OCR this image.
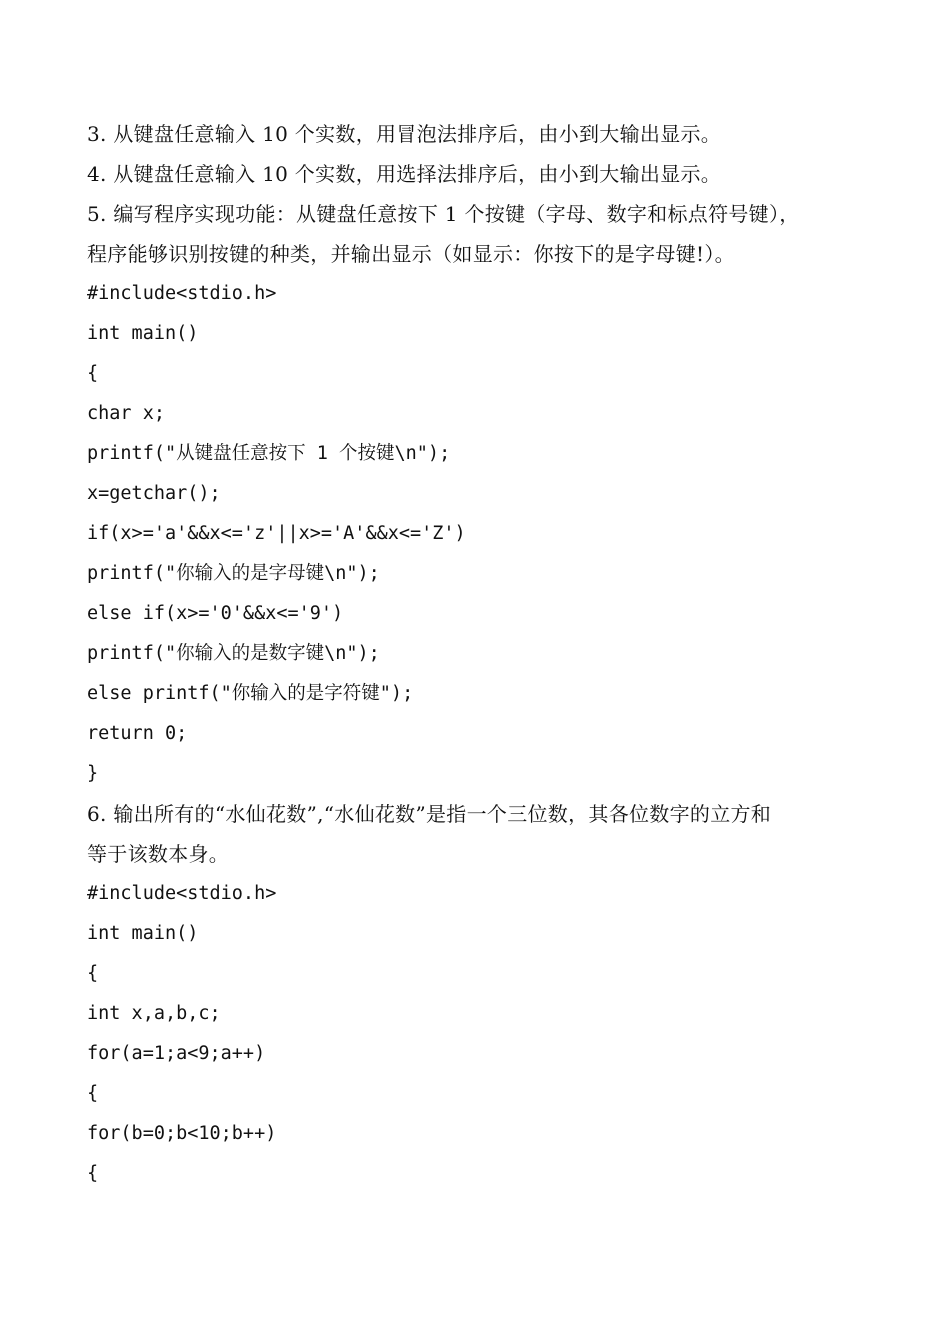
3. 从键盘任意输入 10 个实数，用冒泡法排序后，由小到大输出显示。
4. 从键盘任意输入 10 个实数，用选择法排序后，由小到大输出显示。
5. 编写程序实现功能：从键盘任意按下 1 个按键（字母、数字和标点符号键），
程序能够识别按键的种类，并输出显示（如显示：你按下的是字母键!）。
#include<stdio.h>
int main()
{
char x;
printf("从键盘任意按下 1 个按键\n");
x=getchar();
if(x>='a'&&x<='z'||x>='A'&&x<='Z')
printf("你输入的是字母键\n");
else if(x>='0'&&x<='9')
printf("你输入的是数字键\n");
else printf("你输入的是字符键");
return 0;
}
6. 输出所有的“水仙花数”,“水仙花数”是指一个三位数，其各位数字的立方和
等于该数本身。
#include<stdio.h>
int main()
{
int x,a,b,c;
for(a=1;a<9;a++)
{
for(b=0;b<10;b++)
{
